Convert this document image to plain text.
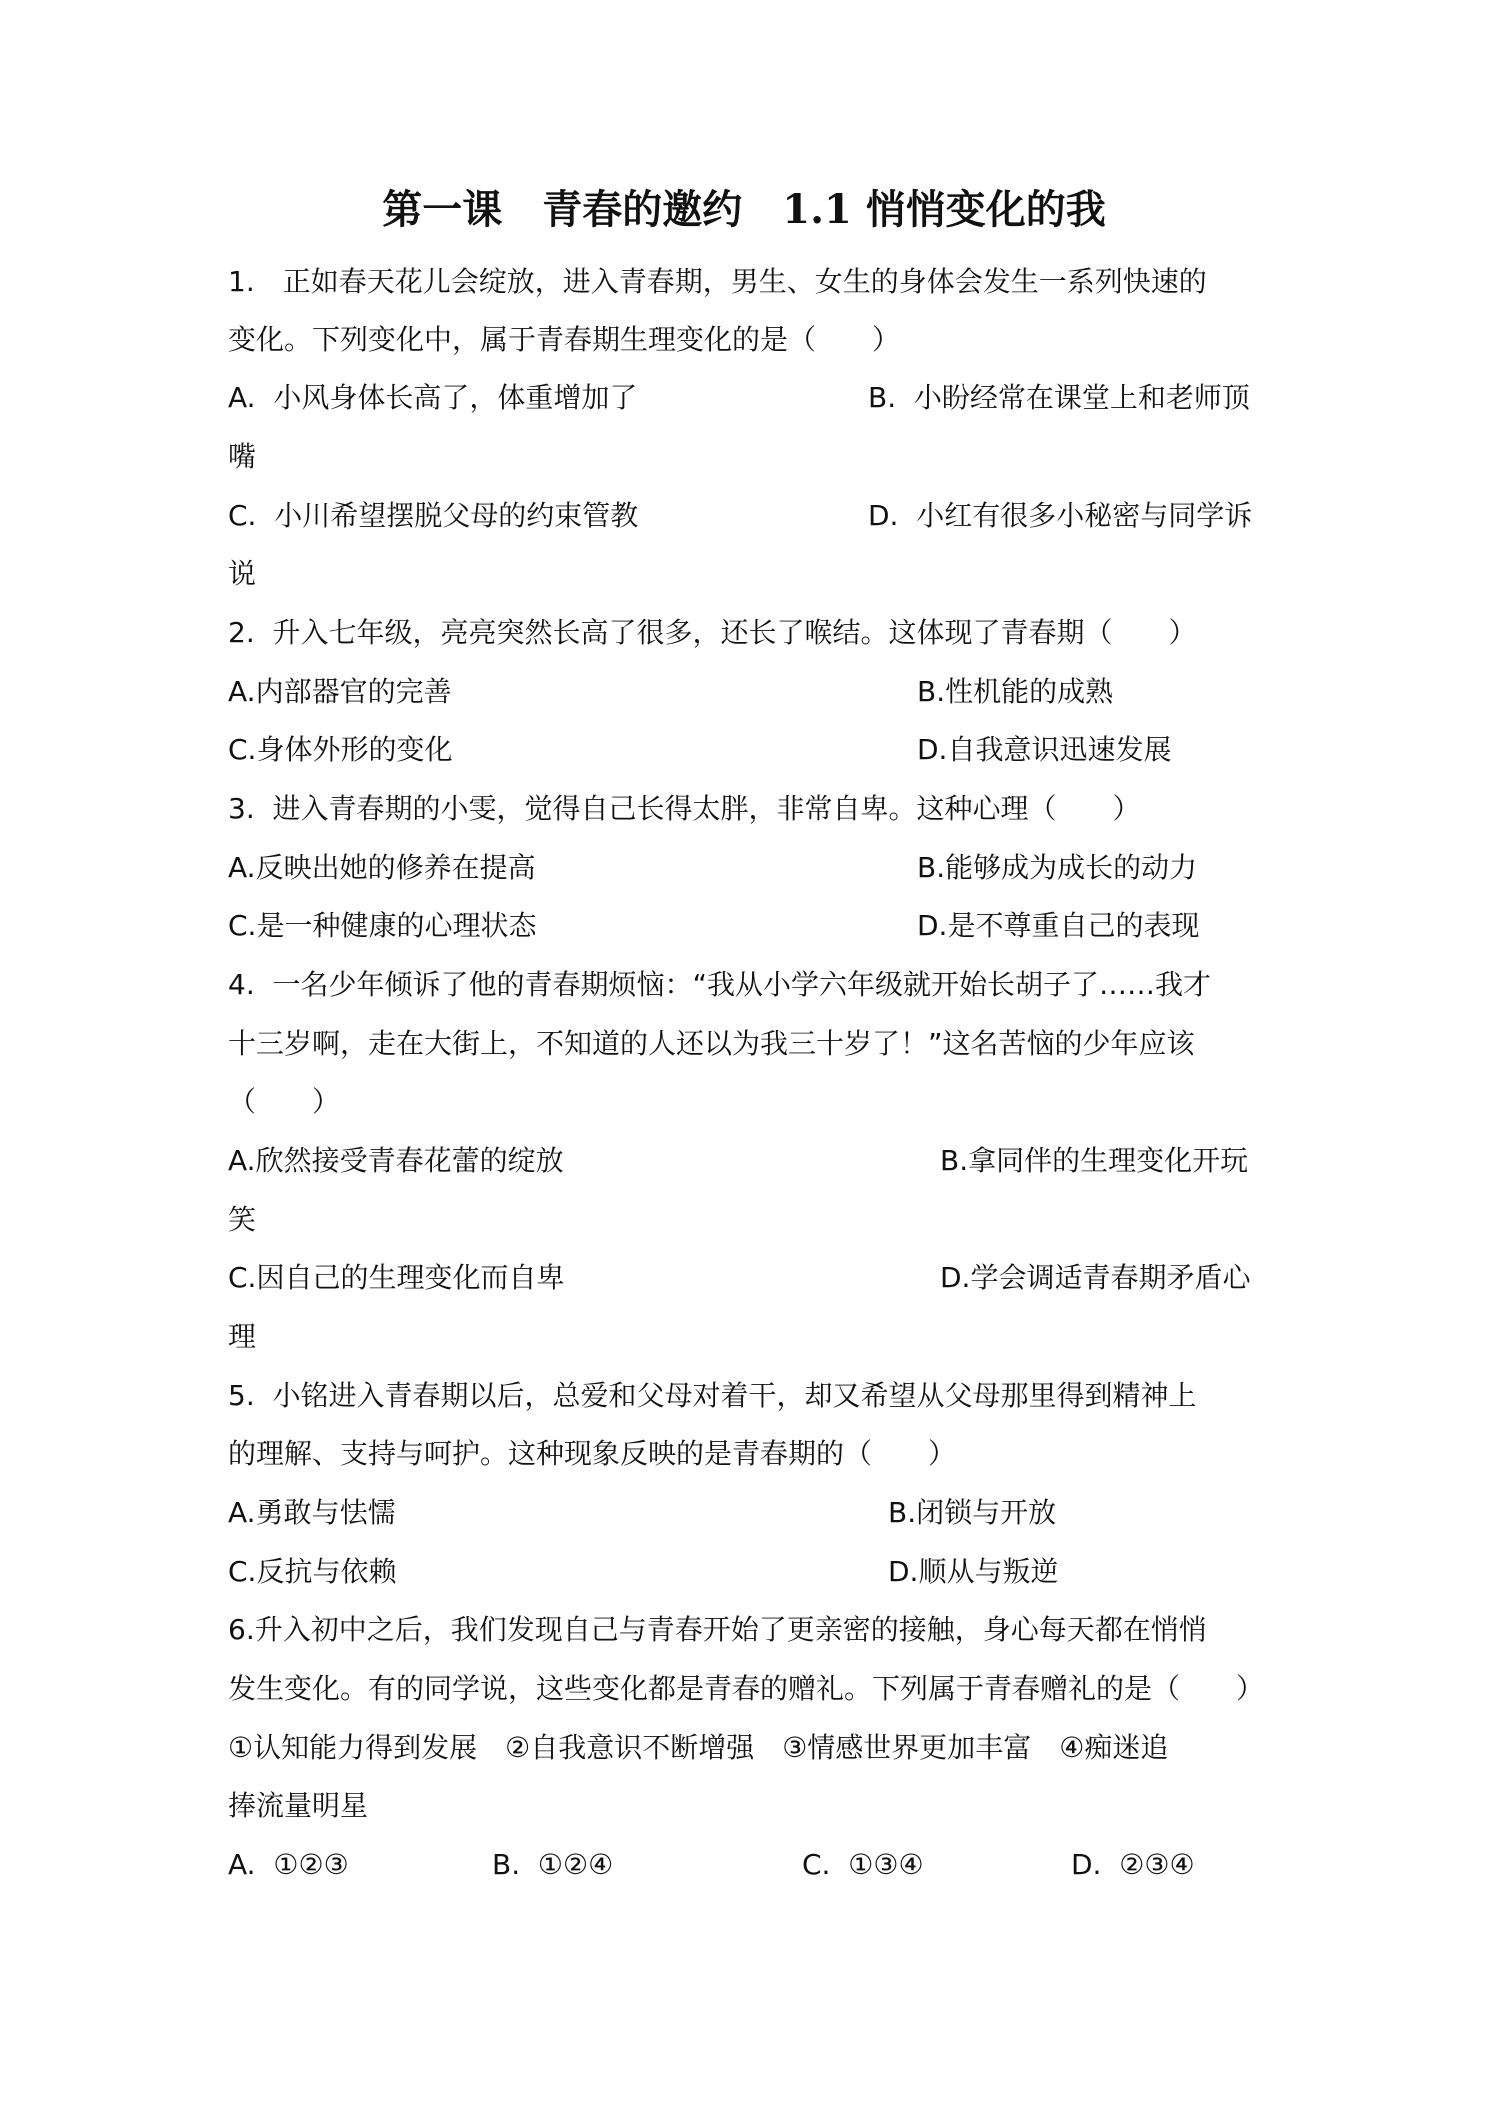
第一课　青春的邀约　1.1 悄悄变化的我
1.　正如春天花儿会绽放，进入青春期，男生、女生的身体会发生一系列快速的
变化。下列变化中，属于青春期生理变化的是（　　）
A.  小风身体长高了，体重增加了	B.  小盼经常在课堂上和老师顶
嘴
C.  小川希望摆脱父母的约束管教	D.  小红有很多小秘密与同学诉
说
2.  升入七年级，亮亮突然长高了很多，还长了喉结。这体现了青春期（　　）
A.内部器官的完善	B.性机能的成熟
C.身体外形的变化	D.自我意识迅速发展
3.  进入青春期的小雯，觉得自己长得太胖，非常自卑。这种心理（　　）
A.反映出她的修养在提高	B.能够成为成长的动力
C.是一种健康的心理状态	D.是不尊重自己的表现
4.  一名少年倾诉了他的青春期烦恼：“我从小学六年级就开始长胡子了……我才
十三岁啊，走在大街上，不知道的人还以为我三十岁了！”这名苦恼的少年应该
（　　）
A.欣然接受青春花蕾的绽放	B.拿同伴的生理变化开玩
笑
C.因自己的生理变化而自卑	D.学会调适青春期矛盾心
理
5.  小铭进入青春期以后，总爱和父母对着干，却又希望从父母那里得到精神上
的理解、支持与呵护。这种现象反映的是青春期的（　　）
A.勇敢与怯懦	B.闭锁与开放
C.反抗与依赖	D.顺从与叛逆
6.升入初中之后，我们发现自己与青春开始了更亲密的接触，身心每天都在悄悄
发生变化。有的同学说，这些变化都是青春的赠礼。下列属于青春赠礼的是（　　）
①认知能力得到发展　②自我意识不断增强　③情感世界更加丰富　④痴迷追
捧流量明星
A.  ①②③	B.  ①②④	C.  ①③④	D.  ②③④
